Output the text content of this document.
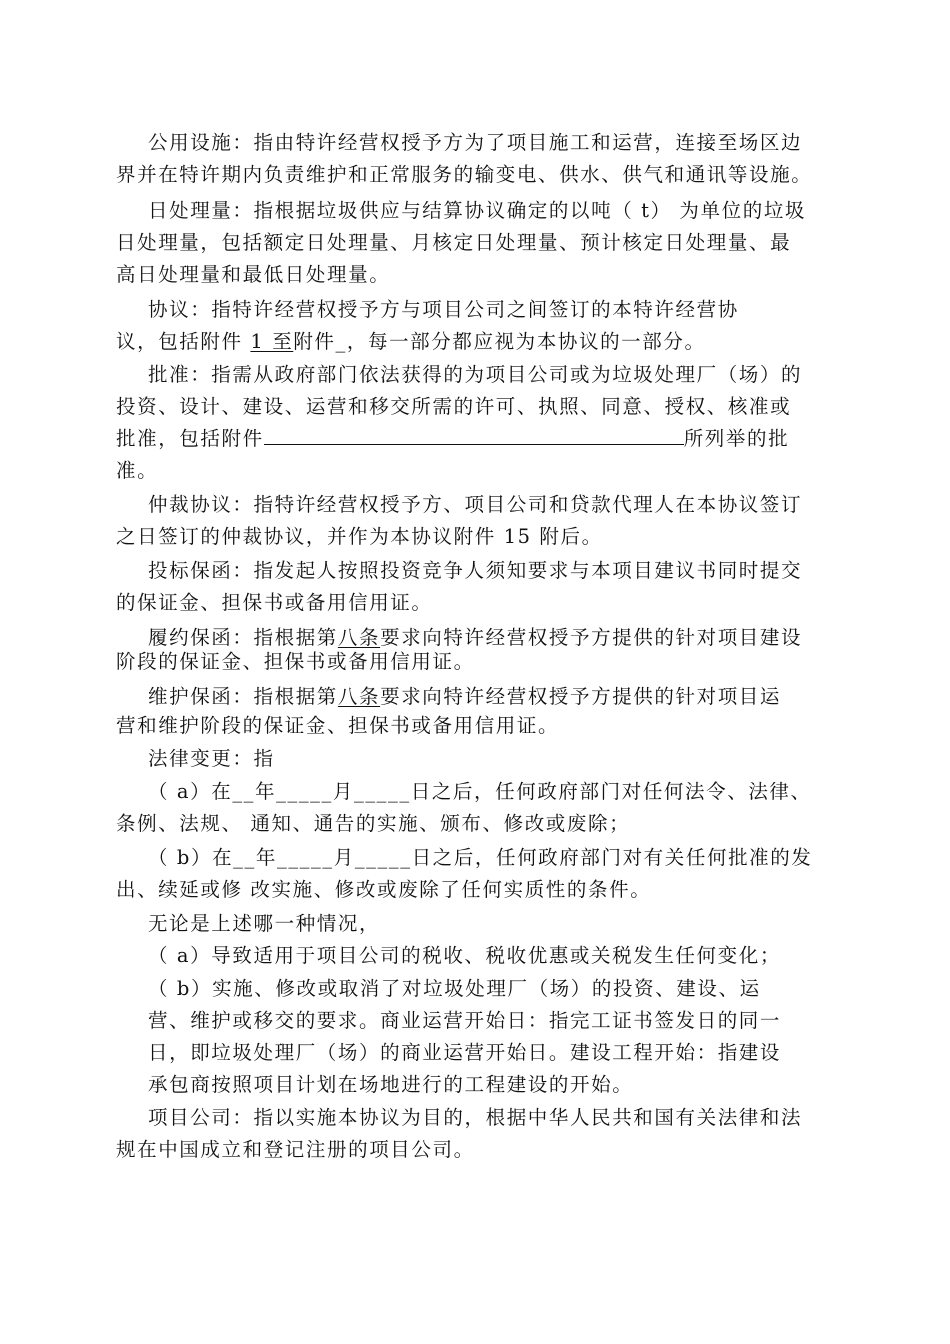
公用设施：指由特许经营权授予方为了项目施工和运营，连接至场区边
界并在特许期内负责维护和正常服务的输变电、供水、供气和通讯等设施。
日处理量：指根据垃圾供应与结算协议确定的以吨（ t） 为单位的垃圾
日处理量，包括额定日处理量、月核定日处理量、预计核定日处理量、最
高日处理量和最低日处理量。
协议：指特许经营权授予方与项目公司之间签订的本特许经营协
议，包括附件 1 至附件_，每一部分都应视为本协议的一部分。
批准：指需从政府部门依法获得的为项目公司或为垃圾处理厂（场）的
投资、设计、建设、运营和移交所需的许可、执照、同意、授权、核准或
批准，包括附件	所列举的批
准。
仲裁协议：指特许经营权授予方、项目公司和贷款代理人在本协议签订
之日签订的仲裁协议，并作为本协议附件 15 附后。
投标保函：指发起人按照投资竞争人须知要求与本项目建议书同时提交
的保证金、担保书或备用信用证。
履约保函：指根据第八条要求向特许经营权授予方提供的针对项目建设
阶段的保证金、担保书或备用信用证。
维护保函：指根据第八条要求向特许经营权授予方提供的针对项目运
营和维护阶段的保证金、担保书或备用信用证。
法律变更：指
（ a）在__年_____月_____日之后，任何政府部门对任何法令、法律、
条例、法规、 通知、通告的实施、颁布、修改或废除；
（ b）在__年_____月_____日之后，任何政府部门对有关任何批准的发
出、续延或修 改实施、修改或废除了任何实质性的条件。
无论是上述哪一种情况，
（ a）导致适用于项目公司的税收、税收优惠或关税发生任何变化；
（ b）实施、修改或取消了对垃圾处理厂（场）的投资、建设、运
营、维护或移交的要求。商业运营开始日：指完工证书签发日的同一
日，即垃圾处理厂（场）的商业运营开始日。建设工程开始：指建设
承包商按照项目计划在场地进行的工程建设的开始。
项目公司：指以实施本协议为目的，根据中华人民共和国有关法律和法
规在中国成立和登记注册的项目公司。
